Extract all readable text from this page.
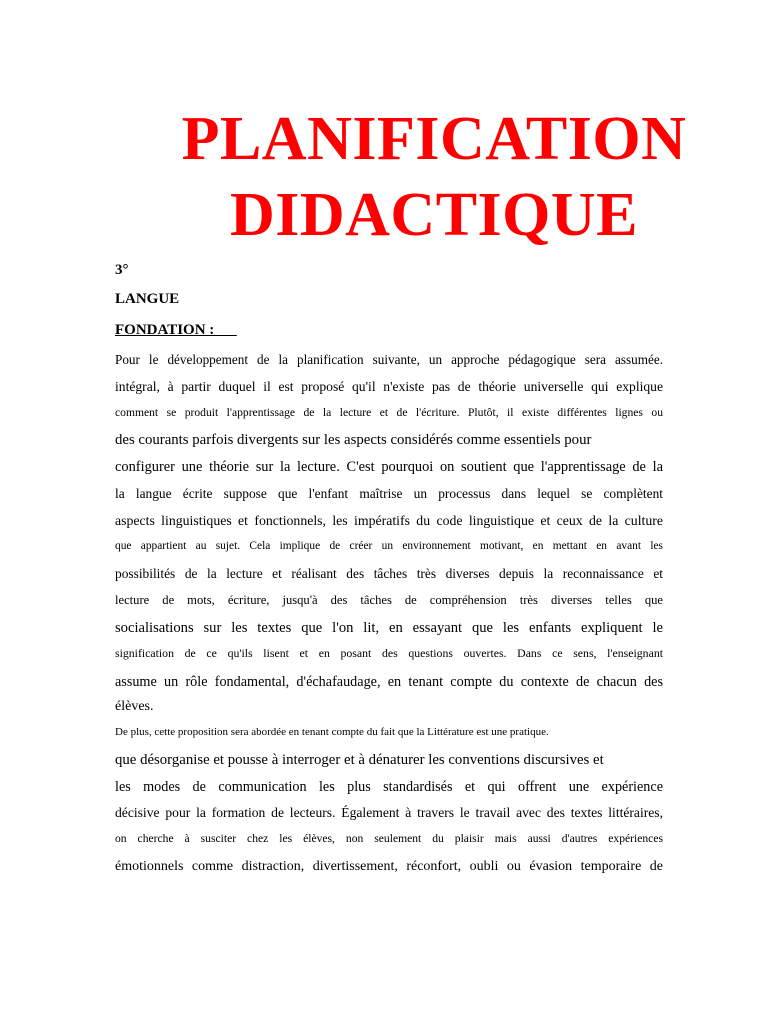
PLANIFICATION
DIDACTIQUE
3°
LANGUE
FONDATION :
Pour le développement de la planification suivante, un approche pédagogique sera assumée.
intégral, à partir duquel il est proposé qu'il n'existe pas de théorie universelle qui explique
comment se produit l'apprentissage de la lecture et de l'écriture. Plutôt, il existe différentes lignes ou
des courants parfois divergents sur les aspects considérés comme essentiels pour
configurer une théorie sur la lecture. C'est pourquoi on soutient que l'apprentissage de la
la langue écrite suppose que l'enfant maîtrise un processus dans lequel se complètent
aspects linguistiques et fonctionnels, les impératifs du code linguistique et ceux de la culture
que appartient au sujet. Cela implique de créer un environnement motivant, en mettant en avant les
possibilités de la lecture et réalisant des tâches très diverses depuis la reconnaissance et
lecture de mots, écriture, jusqu'à des tâches de compréhension très diverses telles que
socialisations sur les textes que l'on lit, en essayant que les enfants expliquent le
signification de ce qu'ils lisent et en posant des questions ouvertes. Dans ce sens, l'enseignant
assume un rôle fondamental, d'échafaudage, en tenant compte du contexte de chacun des
élèves.
De plus, cette proposition sera abordée en tenant compte du fait que la Littérature est une pratique.
que désorganise et pousse à interroger et à dénaturer les conventions discursives et
les modes de communication les plus standardisés et qui offrent une expérience
décisive pour la formation de lecteurs. Également à travers le travail avec des textes littéraires,
on cherche à susciter chez les élèves, non seulement du plaisir mais aussi d'autres expériences
émotionnels comme distraction, divertissement, réconfort, oubli ou évasion temporaire de
